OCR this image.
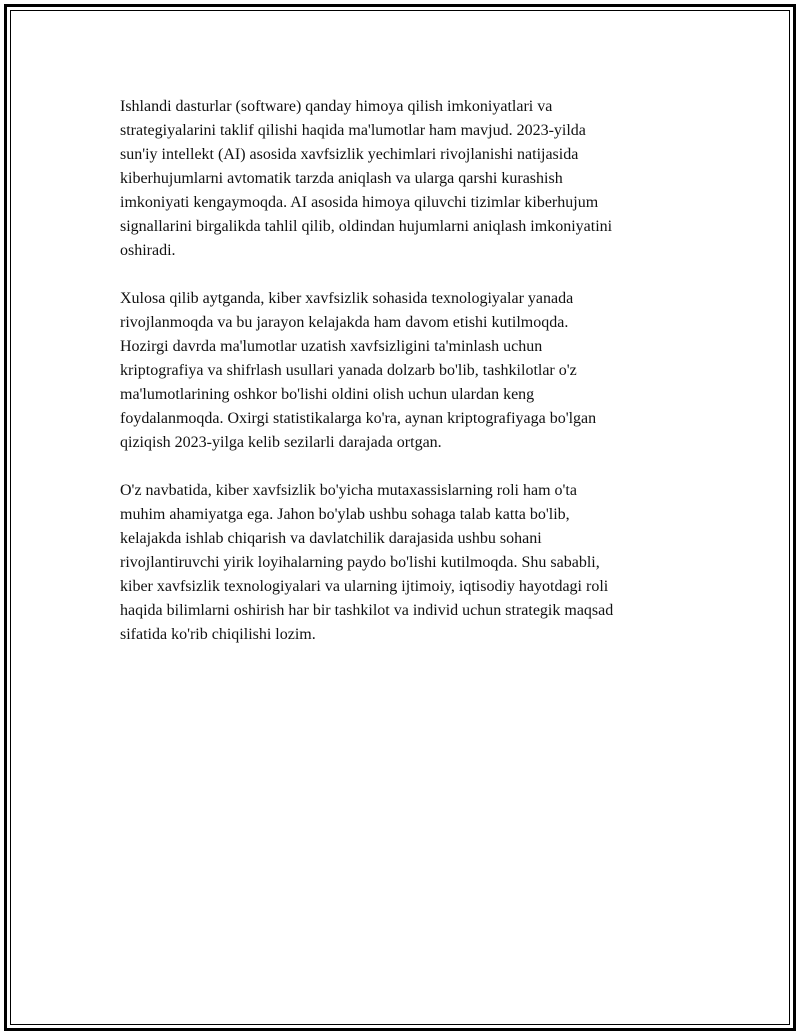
Ishlandi dasturlar (software) qanday himoya qilish imkoniyatlari va
strategiyalarini taklif qilishi haqida ma'lumotlar ham mavjud. 2023-yilda
sun'iy intellekt (AI) asosida xavfsizlik yechimlari rivojlanishi natijasida
kiberhujumlarni avtomatik tarzda aniqlash va ularga qarshi kurashish
imkoniyati kengaymoqda. AI asosida himoya qiluvchi tizimlar kiberhujum
signallarini birgalikda tahlil qilib, oldindan hujumlarni aniqlash imkoniyatini
oshiradi.

Xulosa qilib aytganda, kiber xavfsizlik sohasida texnologiyalar yanada
rivojlanmoqda va bu jarayon kelajakda ham davom etishi kutilmoqda.
Hozirgi davrda ma'lumotlar uzatish xavfsizligini ta'minlash uchun
kriptografiya va shifrlash usullari yanada dolzarb bo'lib, tashkilotlar o'z
ma'lumotlarining oshkor bo'lishi oldini olish uchun ulardan keng
foydalanmoqda. Oxirgi statistikalarga ko'ra, aynan kriptografiyaga bo'lgan
qiziqish 2023-yilga kelib sezilarli darajada ortgan.

O'z navbatida, kiber xavfsizlik bo'yicha mutaxassislarning roli ham o'ta
muhim ahamiyatga ega. Jahon bo'ylab ushbu sohaga talab katta bo'lib,
kelajakda ishlab chiqarish va davlatchilik darajasida ushbu sohani
rivojlantiruvchi yirik loyihalarning paydo bo'lishi kutilmoqda. Shu sababli,
kiber xavfsizlik texnologiyalari va ularning ijtimoiy, iqtisodiy hayotdagi roli
haqida bilimlarni oshirish har bir tashkilot va individ uchun strategik maqsad
sifatida ko'rib chiqilishi lozim.
